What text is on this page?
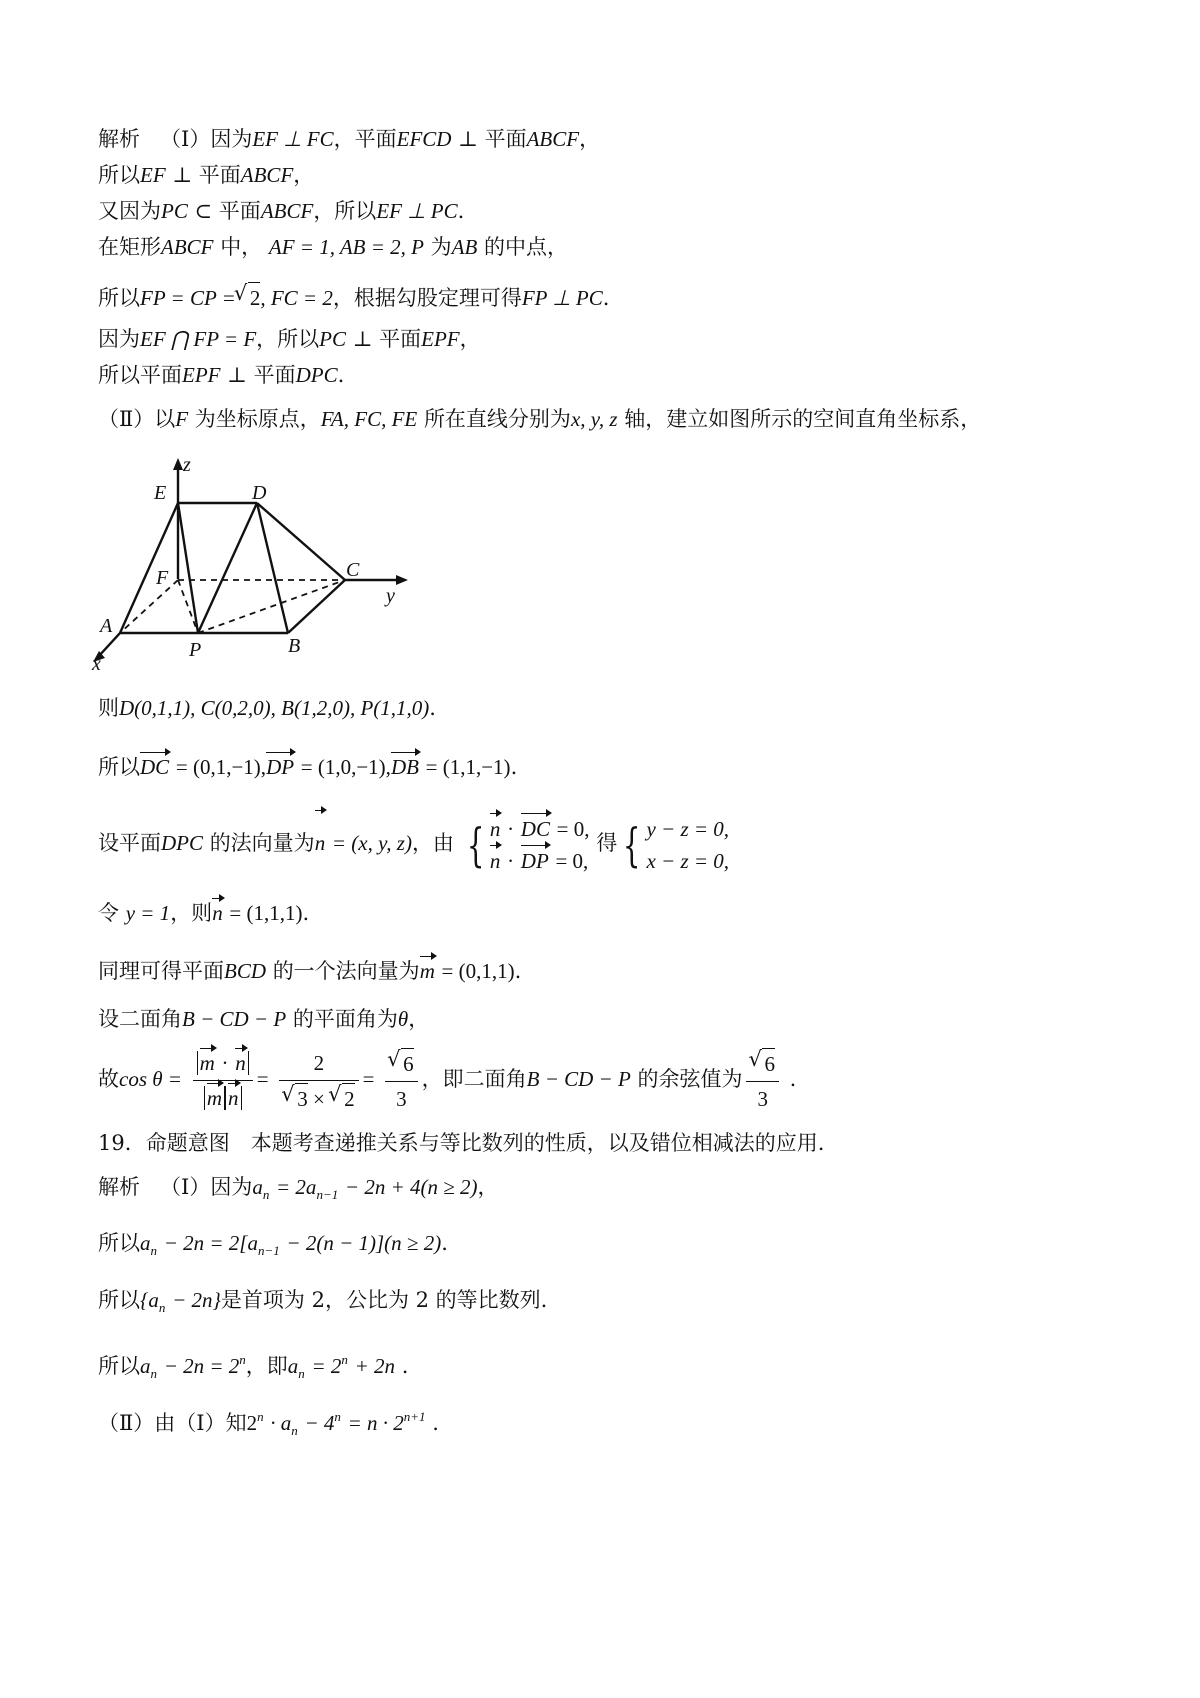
解析 （Ⅰ）因为EF ⊥ FC，平面EFCD ⊥ 平面ABCF，
所以EF ⊥ 平面ABCF，
又因为PC ⊂ 平面ABCF，所以EF ⊥ PC.
在矩形ABCF 中， AF = 1, AB = 2, P 为AB 的中点，
所以FP = CP = √ 2, FC = 2，根据勾股定理可得FP ⊥ PC.
因为EF ⋂ FP = F，所以PC ⊥ 平面EPF，
所以平面EPF ⊥ 平面DPC.
（Ⅱ）以F 为坐标原点，FA, FC, FE 所在直线分别为x, y, z 轴，建立如图所示的空间直角坐标系，
z
E	D
F	C
y
A
P	B
x
则D(0,1,1), C(0,2,0), B(1,2,0), P(1,1,0).
所以DC = (0,1,−1),DP = (1,0,−1),DB = (1,1,−1).
设平面DPC 的法向量为n = (x, y, z)，由 { n · DC = 0,
n · DP = 0,
得 { y − z = 0,
x − z = 0,
令 y = 1，则n = (1,1,1).
同理可得平面BCD 的一个法向量为m = (0,1,1).
设二面角B − CD − P 的平面角为θ，
故$\cos \theta = \frac{m \cdot n}{\text{m n}} = 2$
√ 3 × √ 2 = √ $\frac{6}{3}$ ，即二面角B − CD − P 的余弦值为 √ $\frac{6}{3}$ .
19．命题意图　本题考查递推关系与等比数列的性质，以及错位相减法的应用.
解析 （Ⅰ）因为$a_n = 2a_{n-1} - 2n + 4(n \ge 2)$，
所以$a_n - 2n = 2[a_{n-1} - 2(n - 1)](n \ge 2)$.
所以$\{a_n - 2n\}$是首项为 2，公比为 2 的等比数列.
所以$a_n - 2n = 2^n$，即$a_n = 2^n + 2n$ .
（Ⅱ）由（Ⅰ）知$2^n \cdot a_n - 4^n = n \cdot 2^{n+1}$ .
